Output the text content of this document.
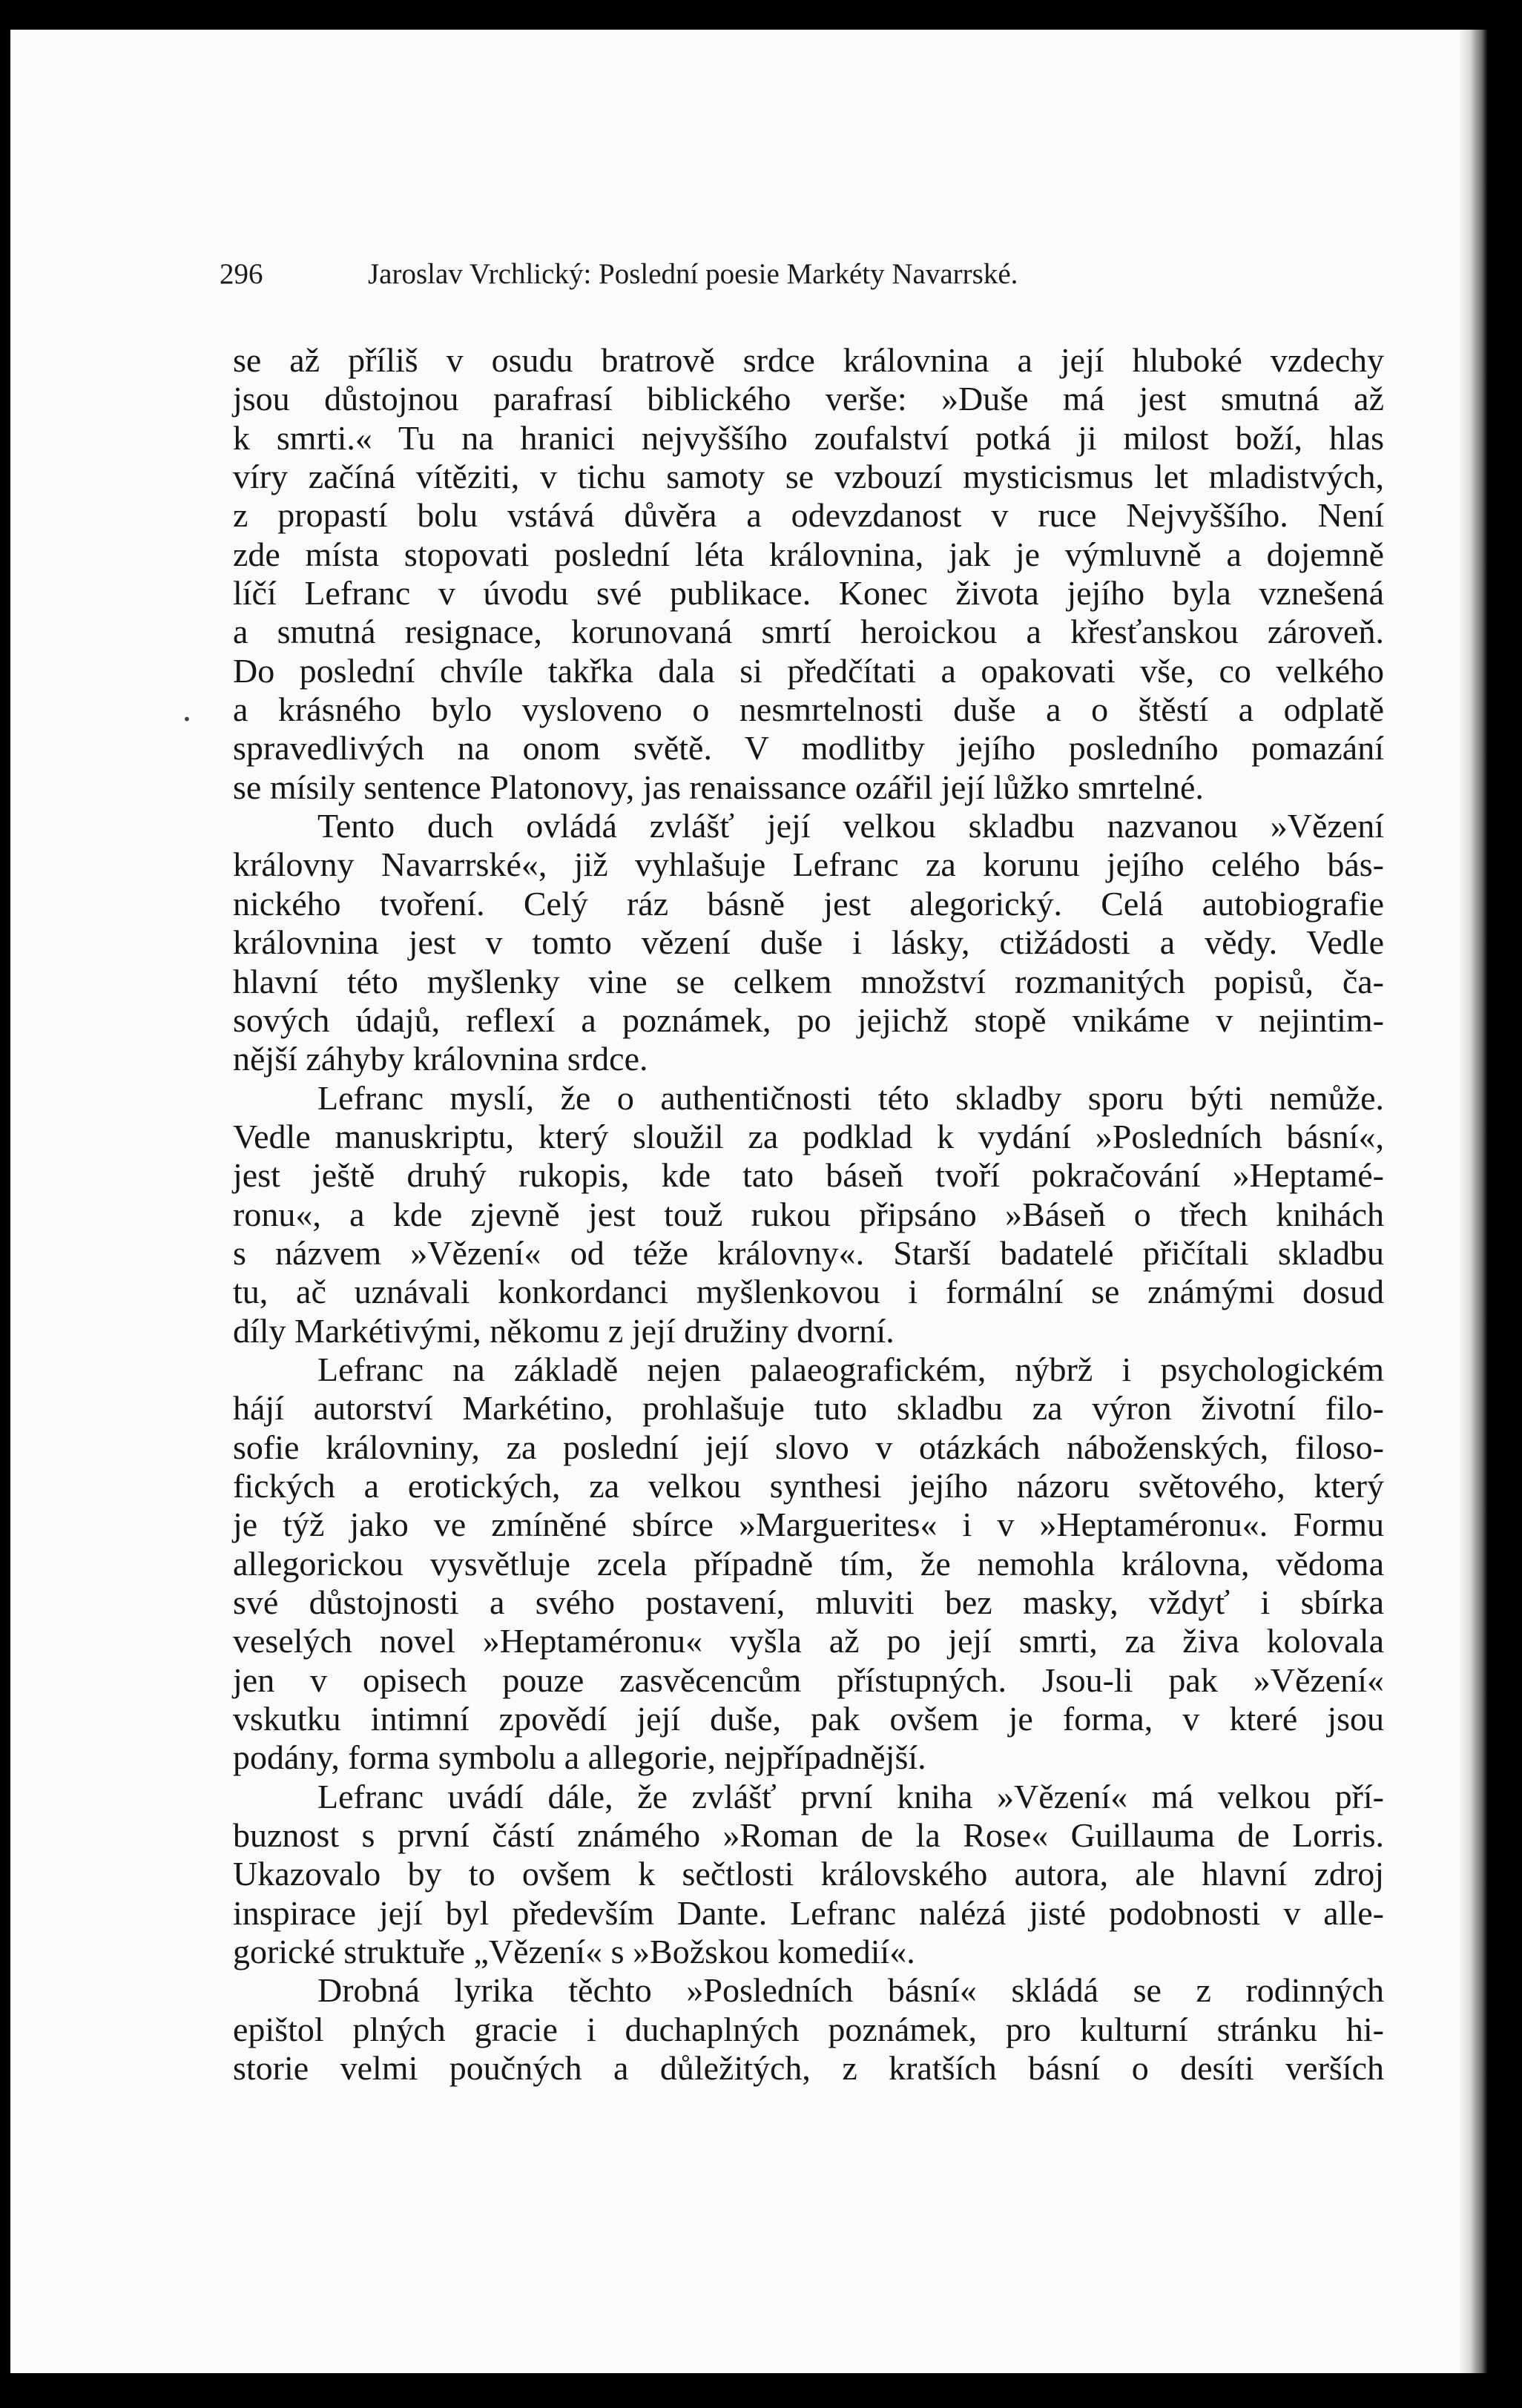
296	Jaroslav Vrchlický: Poslední poesie Markéty Navarrské.
•
se až příliš v osudu bratrově srdce královnina a její hluboké vzdechy
jsou důstojnou parafrasí biblického verše: »Duše má jest smutná až
k smrti.« Tu na hranici nejvyššího zoufalství potká ji milost boží, hlas
víry začíná vítěziti, v tichu samoty se vzbouzí mysticismus let mladistvých,
z propastí bolu vstává důvěra a odevzdanost v ruce Nejvyššího. Není
zde místa stopovati poslední léta královnina, jak je výmluvně a dojemně
líčí Lefranc v úvodu své publikace. Konec života jejího byla vznešená
a smutná resignace, korunovaná smrtí heroickou a křesťanskou zároveň.
Do poslední chvíle takřka dala si předčítati a opakovati vše, co velkého
a krásného bylo vysloveno o nesmrtelnosti duše a o štěstí a odplatě
spravedlivých na onom světě. V modlitby jejího posledního pomazání
se mísily sentence Platonovy, jas renaissance ozářil její lůžko smrtelné.
Tento duch ovládá zvlášť její velkou skladbu nazvanou »Vězení
královny Navarrské«, již vyhlašuje Lefranc za korunu jejího celého bás-
nického tvoření. Celý ráz básně jest alegorický. Celá autobiografie
královnina jest v tomto vězení duše i lásky, ctižádosti a vědy. Vedle
hlavní této myšlenky vine se celkem množství rozmanitých popisů, ča-
sových údajů, reflexí a poznámek, po jejichž stopě vnikáme v nejintim-
nější záhyby královnina srdce.
Lefranc myslí, že o authentičnosti této skladby sporu býti nemůže.
Vedle manuskriptu, který sloužil za podklad k vydání »Posledních básní«,
jest ještě druhý rukopis, kde tato báseň tvoří pokračování »Heptamé-
ronu«, a kde zjevně jest touž rukou připsáno »Báseň o třech knihách
s názvem »Vězení« od téže královny«. Starší badatelé přičítali skladbu
tu, ač uznávali konkordanci myšlenkovou i formální se známými dosud
díly Markétivými, někomu z její družiny dvorní.
Lefranc na základě nejen palaeografickém, nýbrž i psychologickém
hájí autorství Markétino, prohlašuje tuto skladbu za výron životní filo-
sofie královniny, za poslední její slovo v otázkách náboženských, filoso-
fických a erotických, za velkou synthesi jejího názoru světového, který
je týž jako ve zmíněné sbírce »Marguerites« i v »Heptaméronu«. Formu
allegorickou vysvětluje zcela případně tím, že nemohla královna, vědoma
své důstojnosti a svého postavení, mluviti bez masky, vždyť i sbírka
veselých novel »Heptaméronu« vyšla až po její smrti, za živa kolovala
jen v opisech pouze zasvěcencům přístupných. Jsou-li pak »Vězení«
vskutku intimní zpovědí její duše, pak ovšem je forma, v které jsou
podány, forma symbolu a allegorie, nejpřípadnější.
Lefranc uvádí dále, že zvlášť první kniha »Vězení« má velkou pří-
buznost s první částí známého »Roman de la Rose« Guillauma de Lorris.
Ukazovalo by to ovšem k sečtlosti královského autora, ale hlavní zdroj
inspirace její byl především Dante. Lefranc nalézá jisté podobnosti v alle-
gorické struktuře „Vězení« s »Božskou komedií«.
Drobná lyrika těchto »Posledních básní« skládá se z rodinných
epištol plných gracie i duchaplných poznámek, pro kulturní stránku hi-
storie velmi poučných a důležitých, z kratších básní o desíti verších
